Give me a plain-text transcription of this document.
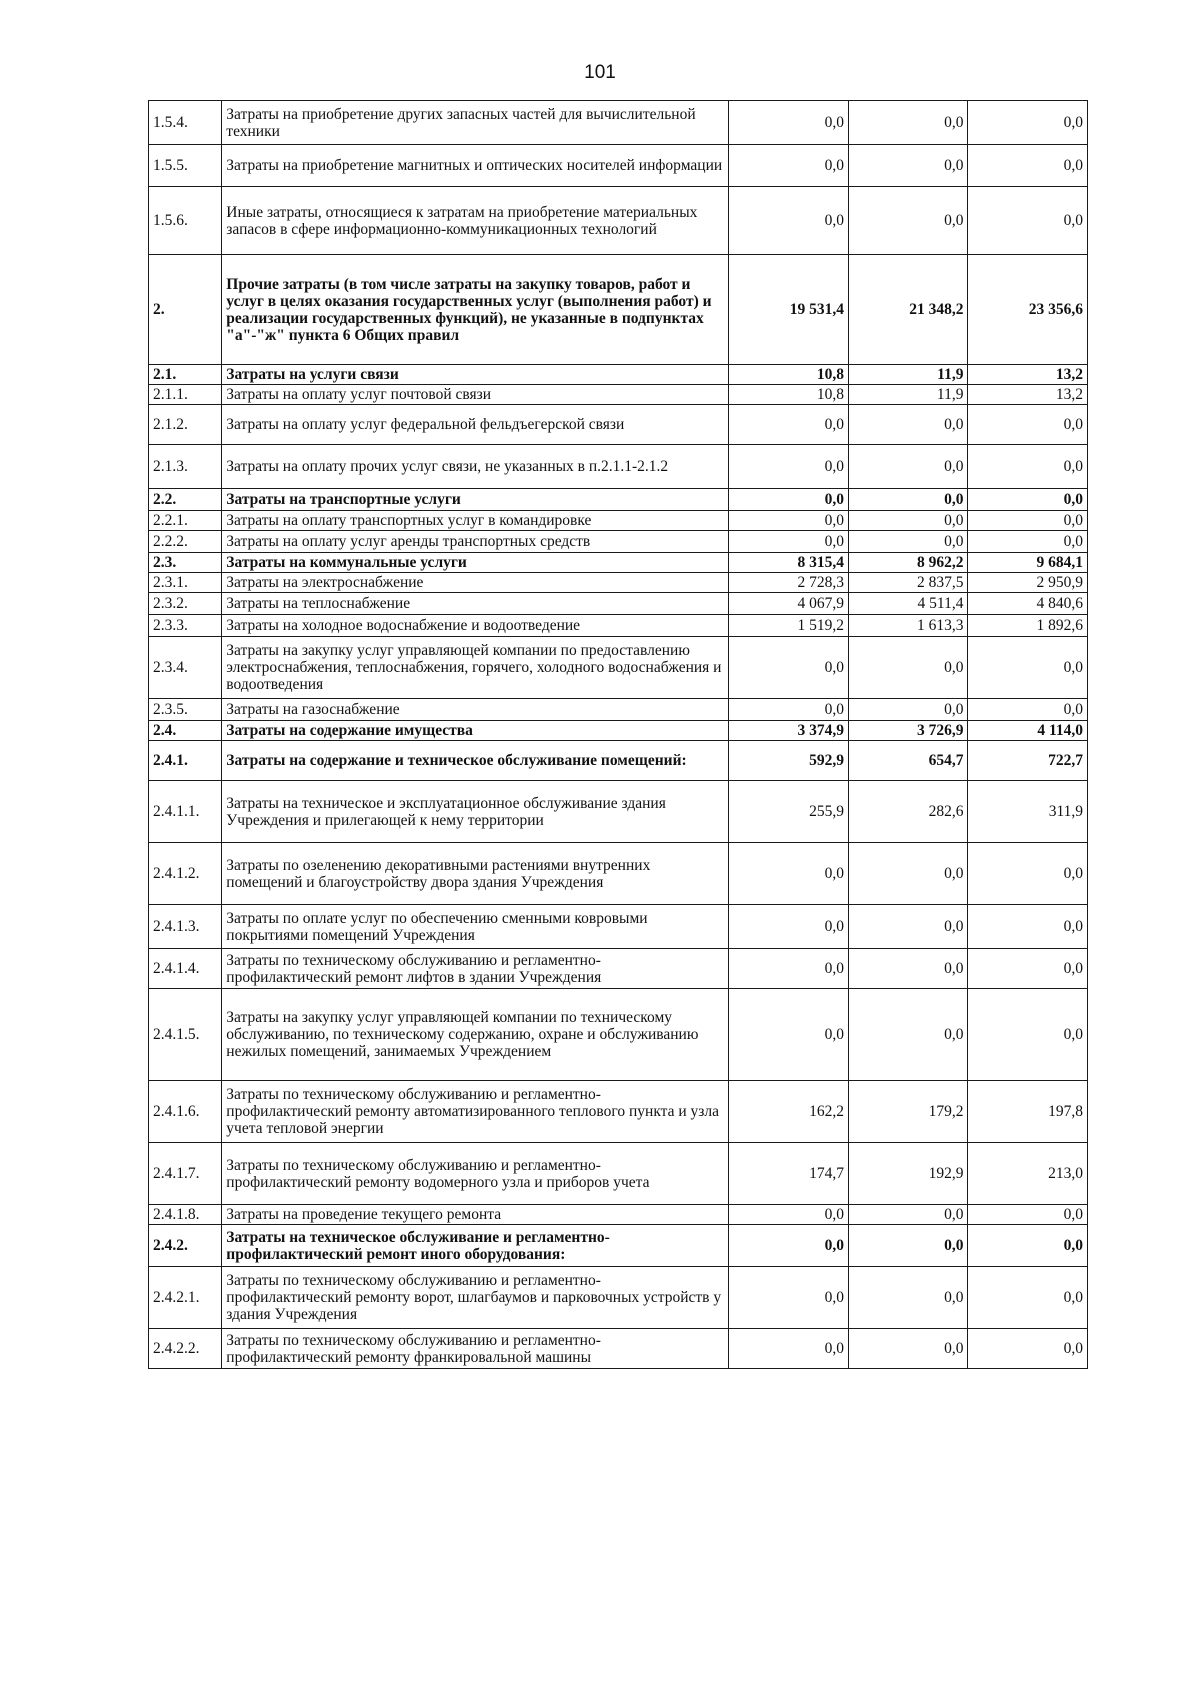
101
1.5.4.	Затраты на приобретение других запасных частей для вычислительной техники	0,0	0,0	0,0
1.5.5.	Затраты на приобретение магнитных и оптических носителей информации	0,0	0,0	0,0
1.5.6.	Иные затраты, относящиеся к затратам на приобретение материальных запасов в сфере информационно-коммуникационных технологий	0,0	0,0	0,0
2.	Прочие затраты (в том числе затраты на закупку товаров, работ и услуг в целях оказания государственных услуг (выполнения работ) и реализации государственных функций), не указанные в подпунктах "а"-"ж" пункта 6 Общих правил	19 531,4	21 348,2	23 356,6
2.1.	Затраты на услуги связи	10,8	11,9	13,2
2.1.1.	Затраты на оплату услуг почтовой связи	10,8	11,9	13,2
2.1.2.	Затраты на оплату услуг федеральной фельдъегерской связи	0,0	0,0	0,0
2.1.3.	Затраты на оплату прочих услуг связи, не указанных в п.2.1.1-2.1.2	0,0	0,0	0,0
2.2.	Затраты на транспортные услуги	0,0	0,0	0,0
2.2.1.	Затраты на оплату транспортных услуг в командировке	0,0	0,0	0,0
2.2.2.	Затраты на оплату услуг аренды транспортных средств	0,0	0,0	0,0
2.3.	Затраты на коммунальные услуги	8 315,4	8 962,2	9 684,1
2.3.1.	Затраты на электроснабжение	2 728,3	2 837,5	2 950,9
2.3.2.	Затраты на теплоснабжение	4 067,9	4 511,4	4 840,6
2.3.3.	Затраты на холодное водоснабжение и водоотведение	1 519,2	1 613,3	1 892,6
2.3.4.	Затраты на закупку услуг управляющей компании по предоставлению электроснабжения, теплоснабжения, горячего, холодного водоснабжения и водоотведения	0,0	0,0	0,0
2.3.5.	Затраты на газоснабжение	0,0	0,0	0,0
2.4.	Затраты на содержание имущества	3 374,9	3 726,9	4 114,0
2.4.1.	Затраты на содержание и техническое обслуживание помещений:	592,9	654,7	722,7
2.4.1.1.	Затраты на техническое и эксплуатационное обслуживание здания Учреждения и прилегающей к нему территории	255,9	282,6	311,9
2.4.1.2.	Затраты по озеленению декоративными растениями внутренних помещений и благоустройству двора здания Учреждения	0,0	0,0	0,0
2.4.1.3.	Затраты по оплате услуг по обеспечению сменными ковровыми покрытиями помещений Учреждения	0,0	0,0	0,0
2.4.1.4.	Затраты по техническому обслуживанию и регламентно-профилактический ремонт лифтов в здании Учреждения	0,0	0,0	0,0
2.4.1.5.	Затраты на закупку услуг управляющей компании по техническому обслуживанию, по техническому содержанию, охране и обслуживанию нежилых помещений, занимаемых Учреждением	0,0	0,0	0,0
2.4.1.6.	Затраты по техническому обслуживанию и регламентно-профилактический ремонту автоматизированного теплового пункта и узла учета тепловой энергии	162,2	179,2	197,8
2.4.1.7.	Затраты по техническому обслуживанию и регламентно-профилактический ремонту водомерного узла и приборов учета	174,7	192,9	213,0
2.4.1.8.	Затраты на проведение текущего ремонта	0,0	0,0	0,0
2.4.2.	Затраты на техническое обслуживание и регламентно-профилактический ремонт иного оборудования:	0,0	0,0	0,0
2.4.2.1.	Затраты по техническому обслуживанию и регламентно-профилактический ремонту ворот, шлагбаумов и парковочных устройств у здания Учреждения	0,0	0,0	0,0
2.4.2.2.	Затраты по техническому обслуживанию и регламентно-профилактический ремонту франкировальной машины	0,0	0,0	0,0
